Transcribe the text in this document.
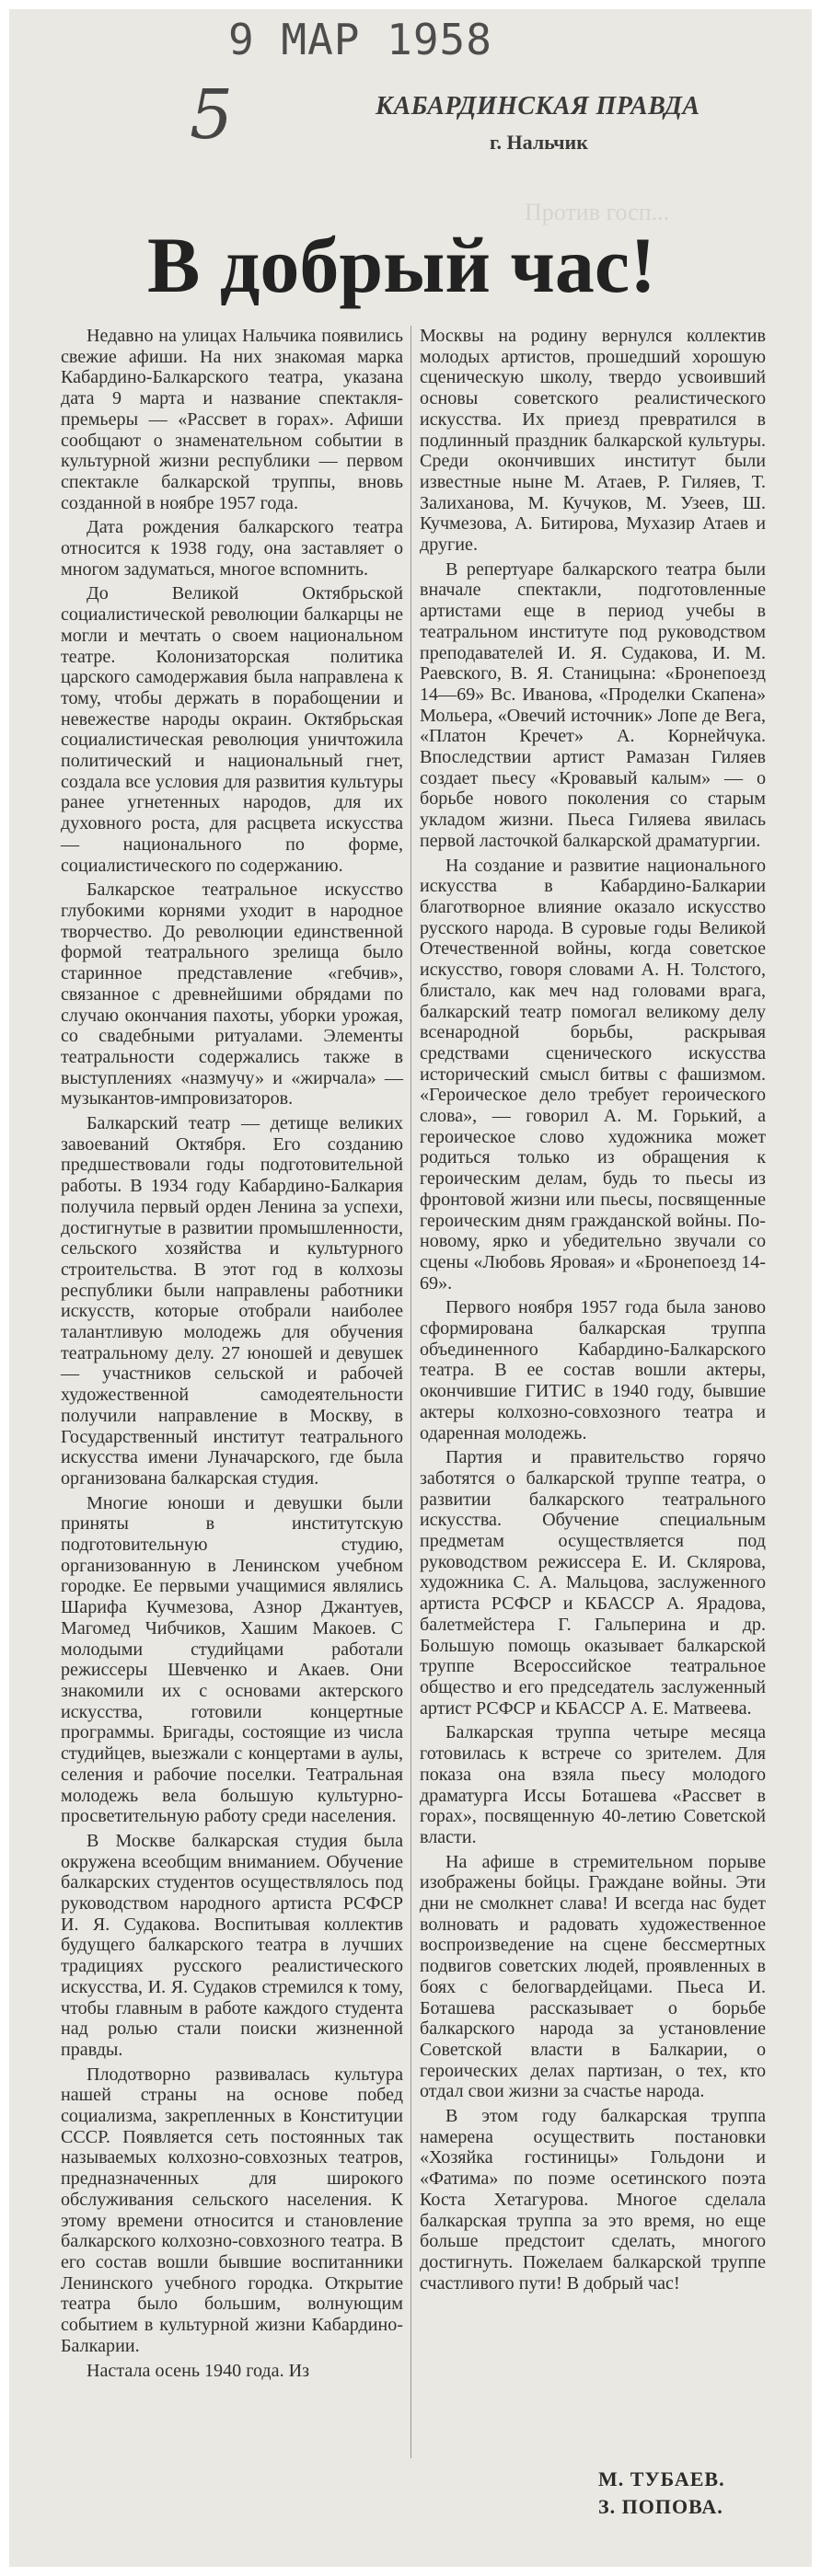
9 МАР 1958
5	КАБАРДИНСКАЯ ПРАВДА
г. Нальчик
Против госп...
В добрый час!

Недавно на улицах Нальчика появились свежие афиши. На них знакомая марка Кабардино-Балкарского театра, указана дата 9 марта и название спектакля-премьеры — «Рассвет в горах». Афиши сообщают о знаменательном событии в культурной жизни республики — первом спектакле балкарской труппы, вновь созданной в ноябре 1957 года.

Дата рождения балкарского театра относится к 1938 году, она заставляет о многом задуматься, многое вспомнить.

До Великой Октябрьской социалистической революции балкарцы не могли и мечтать о своем национальном театре. Колонизаторская политика царского самодержавия была направлена к тому, чтобы держать в порабощении и невежестве народы окраин. Октябрьская социалистическая революция уничтожила политический и национальный гнет, создала все условия для развития культуры ранее угнетенных народов, для их духовного роста, для расцвета искусства — национального по форме, социалистического по содержанию.

Балкарское театральное искусство глубокими корнями уходит в народное творчество. До революции единственной формой театрального зрелища было старинное представление «гебчив», связанное с древнейшими обрядами по случаю окончания пахоты, уборки урожая, со свадебными ритуалами. Элементы театральности содержались также в выступлениях «назмучу» и «жирчала» — музыкантов-импровизаторов.

Балкарский театр — детище великих завоеваний Октября. Его созданию предшествовали годы подготовительной работы. В 1934 году Кабардино-Балкария получила первый орден Ленина за успехи, достигнутые в развитии промышленности, сельского хозяйства и культурного строительства. В этот год в колхозы республики были направлены работники искусств, которые отобрали наиболее талантливую молодежь для обучения театральному делу. 27 юношей и девушек — участников сельской и рабочей художественной самодеятельности получили направление в Москву, в Государственный институт театрального искусства имени Луначарского, где была организована балкарская студия.

Многие юноши и девушки были приняты в институтскую подготовительную студию, организованную в Ленинском учебном городке. Ее первыми учащимися являлись Шарифа Кучмезова, Азнор Джантуев, Магомед Чибчиков, Хашим Макоев. С молодыми студийцами работали режиссеры Шевченко и Акаев. Они знакомили их с основами актерского искусства, готовили концертные программы. Бригады, состоящие из числа студийцев, выезжали с концертами в аулы, селения и рабочие поселки. Театральная молодежь вела большую культурно-просветительную работу среди населения.

В Москве балкарская студия была окружена всеобщим вниманием. Обучение балкарских студентов осуществлялось под руководством народного артиста РСФСР И. Я. Судакова. Воспитывая коллектив будущего балкарского театра в лучших традициях русского реалистического искусства, И. Я. Судаков стремился к тому, чтобы главным в работе каждого студента над ролью стали поиски жизненной правды.

Плодотворно развивалась культура нашей страны на основе побед социализма, закрепленных в Конституции СССР. Появляется сеть постоянных так называемых колхозно-совхозных театров, предназначенных для широкого обслуживания сельского населения. К этому времени относится и становление балкарского колхозно-совхозного театра. В его состав вошли бывшие воспитанники Ленинского учебного городка. Открытие театра было большим, волнующим событием в культурной жизни Кабардино-Балкарии.

Настала осень 1940 года. Из

Москвы на родину вернулся коллектив молодых артистов, прошедший хорошую сценическую школу, твердо усвоивший основы советского реалистического искусства. Их приезд превратился в подлинный праздник балкарской культуры. Среди окончивших институт были известные ныне М. Атаев, Р. Гиляев, Т. Залиханова, М. Кучуков, М. Узеев, Ш. Кучмезова, А. Битирова, Мухазир Атаев и другие.

В репертуаре балкарского театра были вначале спектакли, подготовленные артистами еще в период учебы в театральном институте под руководством преподавателей И. Я. Судакова, И. М. Раевского, В. Я. Станицына: «Бронепоезд 14—69» Вс. Иванова, «Проделки Скапена» Мольера, «Овечий источник» Лопе де Вега, «Платон Кречет» А. Корнейчука. Впоследствии артист Рамазан Гиляев создает пьесу «Кровавый калым» — о борьбе нового поколения со старым укладом жизни. Пьеса Гиляева явилась первой ласточкой балкарской драматургии.

На создание и развитие национального искусства в Кабардино-Балкарии благотворное влияние оказало искусство русского народа. В суровые годы Великой Отечественной войны, когда советское искусство, говоря словами А. Н. Толстого, блистало, как меч над головами врага, балкарский театр помогал великому делу всенародной борьбы, раскрывая средствами сценического искусства исторический смысл битвы с фашизмом. «Героическое дело требует героического слова», — говорил А. М. Горький, а героическое слово художника может родиться только из обращения к героическим делам, будь то пьесы из фронтовой жизни или пьесы, посвященные героическим дням гражданской войны. По-новому, ярко и убедительно звучали со сцены «Любовь Яровая» и «Бронепоезд 14-69».

Первого ноября 1957 года была заново сформирована балкарская труппа объединенного Кабардино-Балкарского театра. В ее состав вошли актеры, окончившие ГИТИС в 1940 году, бывшие актеры колхозно-совхозного театра и одаренная молодежь.

Партия и правительство горячо заботятся о балкарской труппе театра, о развитии балкарского театрального искусства. Обучение специальным предметам осуществляется под руководством режиссера Е. И. Склярова, художника С. А. Мальцова, заслуженного артиста РСФСР и КБАССР А. Ярадова, балетмейстера Г. Гальперина и др. Большую помощь оказывает балкарской труппе Всероссийское театральное общество и его председатель заслуженный артист РСФСР и КБАССР А. Е. Матвеева.

Балкарская труппа четыре месяца готовилась к встрече со зрителем. Для показа она взяла пьесу молодого драматурга Иссы Боташева «Рассвет в горах», посвященную 40-летию Советской власти.

На афише в стремительном порыве изображены бойцы. Граждане войны. Эти дни не смолкнет слава! И всегда нас будет волновать и радовать художественное воспроизведение на сцене бессмертных подвигов советских людей, проявленных в боях с белогвардейцами. Пьеса И. Боташева рассказывает о борьбе балкарского народа за установление Советской власти в Балкарии, о героических делах партизан, о тех, кто отдал свои жизни за счастье народа.

В этом году балкарская труппа намерена осуществить постановки «Хозяйка гостиницы» Гольдони и «Фатима» по поэме осетинского поэта Коста Хетагурова. Многое сделала балкарская труппа за это время, но еще больше предстоит сделать, многого достигнуть. Пожелаем балкарской труппе счастливого пути! В добрый час!

М. ТУБАЕВ.
З. ПОПОВА.
